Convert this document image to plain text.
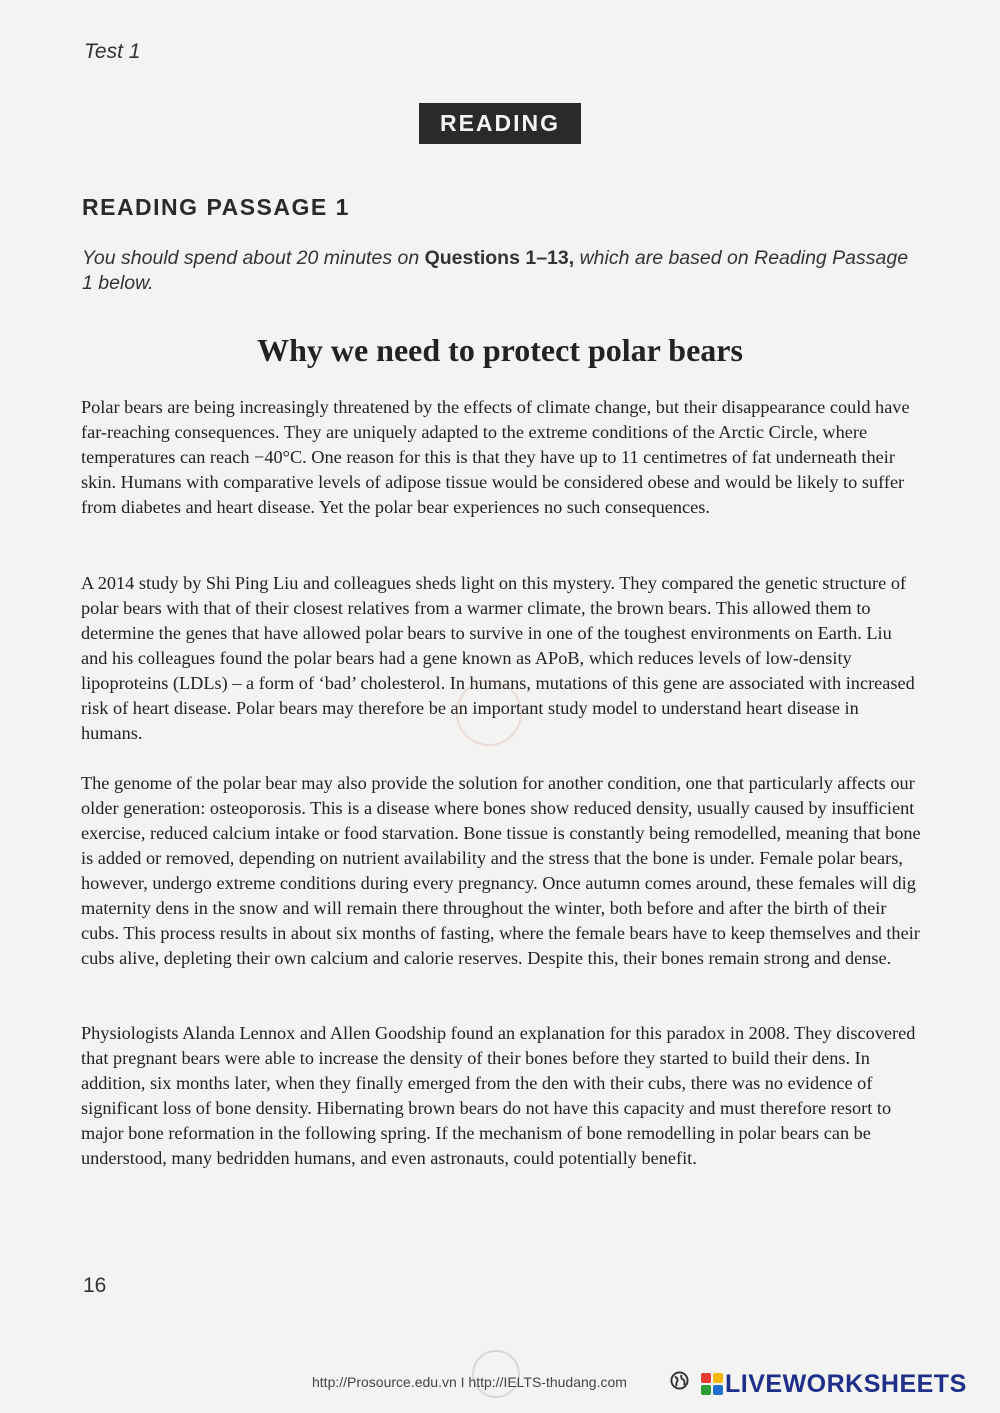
Test 1
READING
READING PASSAGE 1
You should spend about 20 minutes on Questions 1–13, which are based on Reading Passage 1 below.
Why we need to protect polar bears

Polar bears are being increasingly threatened by the effects of climate change, but their disappearance could have far-reaching consequences. They are uniquely adapted to the extreme conditions of the Arctic Circle, where temperatures can reach −40°C. One reason for this is that they have up to 11 centimetres of fat underneath their skin. Humans with comparative levels of adipose tissue would be considered obese and would be likely to suffer from diabetes and heart disease. Yet the polar bear experiences no such consequences.

A 2014 study by Shi Ping Liu and colleagues sheds light on this mystery. They compared the genetic structure of polar bears with that of their closest relatives from a warmer climate, the brown bears. This allowed them to determine the genes that have allowed polar bears to survive in one of the toughest environments on Earth. Liu and his colleagues found the polar bears had a gene known as APoB, which reduces levels of low-density lipoproteins (LDLs) – a form of ‘bad’ cholesterol. In humans, mutations of this gene are associated with increased risk of heart disease. Polar bears may therefore be an important study model to understand heart disease in humans.

The genome of the polar bear may also provide the solution for another condition, one that particularly affects our older generation: osteoporosis. This is a disease where bones show reduced density, usually caused by insufficient exercise, reduced calcium intake or food starvation. Bone tissue is constantly being remodelled, meaning that bone is added or removed, depending on nutrient availability and the stress that the bone is under. Female polar bears, however, undergo extreme conditions during every pregnancy. Once autumn comes around, these females will dig maternity dens in the snow and will remain there throughout the winter, both before and after the birth of their cubs. This process results in about six months of fasting, where the female bears have to keep themselves and their cubs alive, depleting their own calcium and calorie reserves. Despite this, their bones remain strong and dense.

Physiologists Alanda Lennox and Allen Goodship found an explanation for this paradox in 2008. They discovered that pregnant bears were able to increase the density of their bones before they started to build their dens. In addition, six months later, when they finally emerged from the den with their cubs, there was no evidence of significant loss of bone density. Hibernating brown bears do not have this capacity and must therefore resort to major bone reformation in the following spring. If the mechanism of bone remodelling in polar bears can be understood, many bedridden humans, and even astronauts, could potentially benefit.

16
http://Prosource.edu.vn I http://IELTS-thudang.com	LIVEWORKSHEETS
